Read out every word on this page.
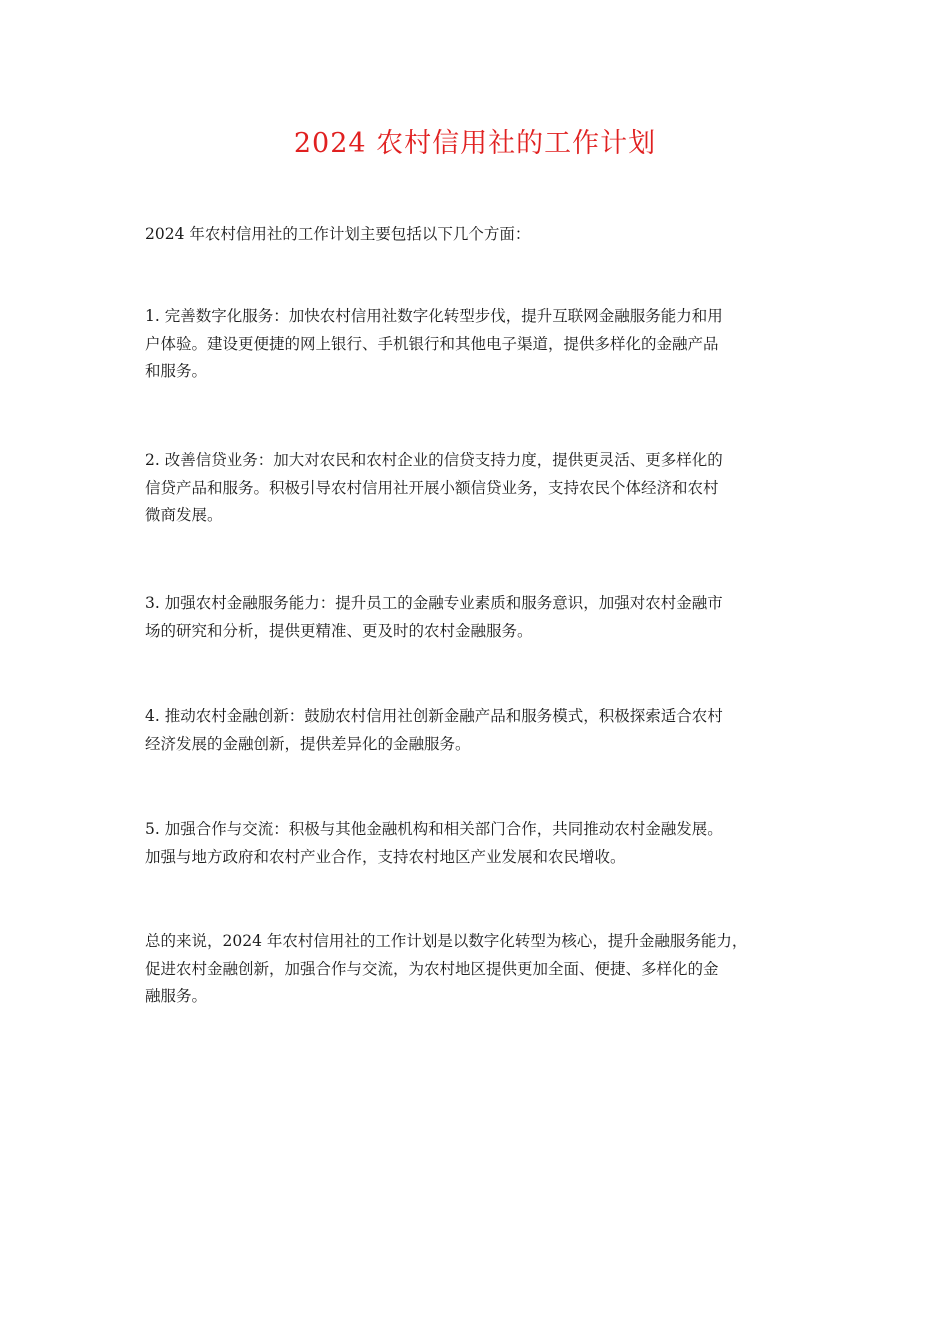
2024 农村信用社的工作计划
2024 年农村信用社的工作计划主要包括以下几个方面：
1. 完善数字化服务：加快农村信用社数字化转型步伐，提升互联网金融服务能力和用
户体验。建设更便捷的网上银行、手机银行和其他电子渠道，提供多样化的金融产品
和服务。
2. 改善信贷业务：加大对农民和农村企业的信贷支持力度，提供更灵活、更多样化的
信贷产品和服务。积极引导农村信用社开展小额信贷业务，支持农民个体经济和农村
微商发展。
3. 加强农村金融服务能力：提升员工的金融专业素质和服务意识，加强对农村金融市
场的研究和分析，提供更精准、更及时的农村金融服务。
4. 推动农村金融创新：鼓励农村信用社创新金融产品和服务模式，积极探索适合农村
经济发展的金融创新，提供差异化的金融服务。
5. 加强合作与交流：积极与其他金融机构和相关部门合作，共同推动农村金融发展。
加强与地方政府和农村产业合作，支持农村地区产业发展和农民增收。
总的来说，2024 年农村信用社的工作计划是以数字化转型为核心，提升金融服务能力，
促进农村金融创新，加强合作与交流，为农村地区提供更加全面、便捷、多样化的金
融服务。
